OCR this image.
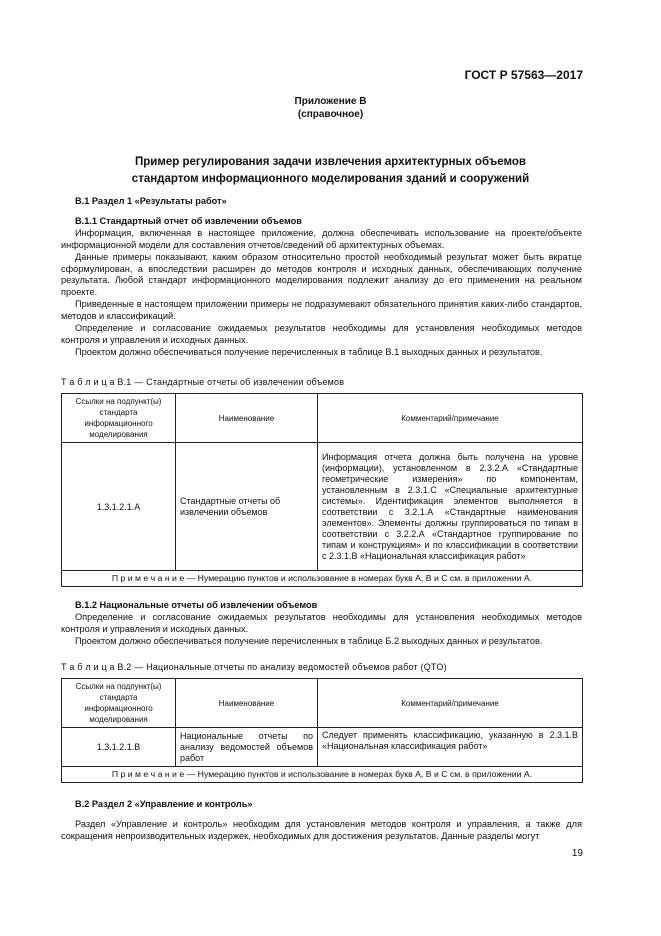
ГОСТ Р 57563—2017
Приложение В
(справочное)
Пример регулирования задачи извлечения архитектурных объемов
стандартом информационного моделирования зданий и сооружений

В.1 Раздел 1 «Результаты работ»

В.1.1 Стандартный отчет об извлечении объемов

Информация, включенная в настоящее приложение, должна обеспечивать использование на проекте/объекте информационной модели для составления отчетов/сведений об архитектурных объемах.

Данные примеры показывают, каким образом относительно простой необходимый результат может быть вкратце сформулирован, а впоследствии расширен до методов контроля и исходных данных, обеспечивающих получение результата. Любой стандарт информационного моделирования подлежит анализу до его применения на реальном проекте.

Приведенные в настоящем приложении примеры не подразумевают обязательного принятия каких-либо стандартов, методов и классификаций.

Определение и согласование ожидаемых результатов необходимы для установления необходимых методов контроля и управления и исходных данных.

Проектом должно обеспечиваться получение перечисленных в таблице В.1 выходных данных и результатов.

Т а б л и ц а В.1 — Стандартные отчеты об извлечении объемов
Ссылки на подпункт(ы) стандарта информационного моделирования	Наименование	Комментарий/примечание
1.3.1.2.1.А	Стандартные отчеты об извлечении объемов	Информация отчета должна быть получена на уровне (информации), установленном в 2.3.2.А «Стандартные геометрические измерения» по компонентам, установленным в 2.3.1.С «Специальные архитектурные системы». Идентификация элементов выполняется в соответствии с 3.2.1.А «Стандартные наименования элементов». Элементы должны группироваться по типам в соответствии с 3.2.2.А «Стандартное группирование по типам и конструкциям» и по классификации в соответствии с 2.3.1.В «Национальная классификация работ»
П р и м е ч а н и е — Нумерацию пунктов и использование в номерах букв А, В и С см. в приложении А.		

В.1.2 Национальные отчеты об извлечении объемов

Определение и согласование ожидаемых результатов необходимы для установления необходимых методов контроля и управления и исходных данных.

Проектом должно обеспечиваться получение перечисленных в таблице Б.2 выходных данных и результатов.

Т а б л и ц а В.2 — Национальные отчеты по анализу ведомостей объемов работ (QTO)
Ссылки на подпункт(ы) стандарта информационного моделирования	Наименование	Комментарий/примечание
1.3.1.2.1.В	Национальные отчеты по анализу ведомостей объемов работ	Следует применять классификацию, указанную в 2.3.1.В «Национальная классификация работ»
П р и м е ч а н и е — Нумерацию пунктов и использование в номерах букв А, В и С см. в приложении А.		

В.2 Раздел 2 «Управление и контроль»

Раздел «Управление и контроль» необходим для установления методов контроля и управления, а также для сокращения непроизводительных издержек, необходимых для достижения результатов. Данные разделы могут

19
